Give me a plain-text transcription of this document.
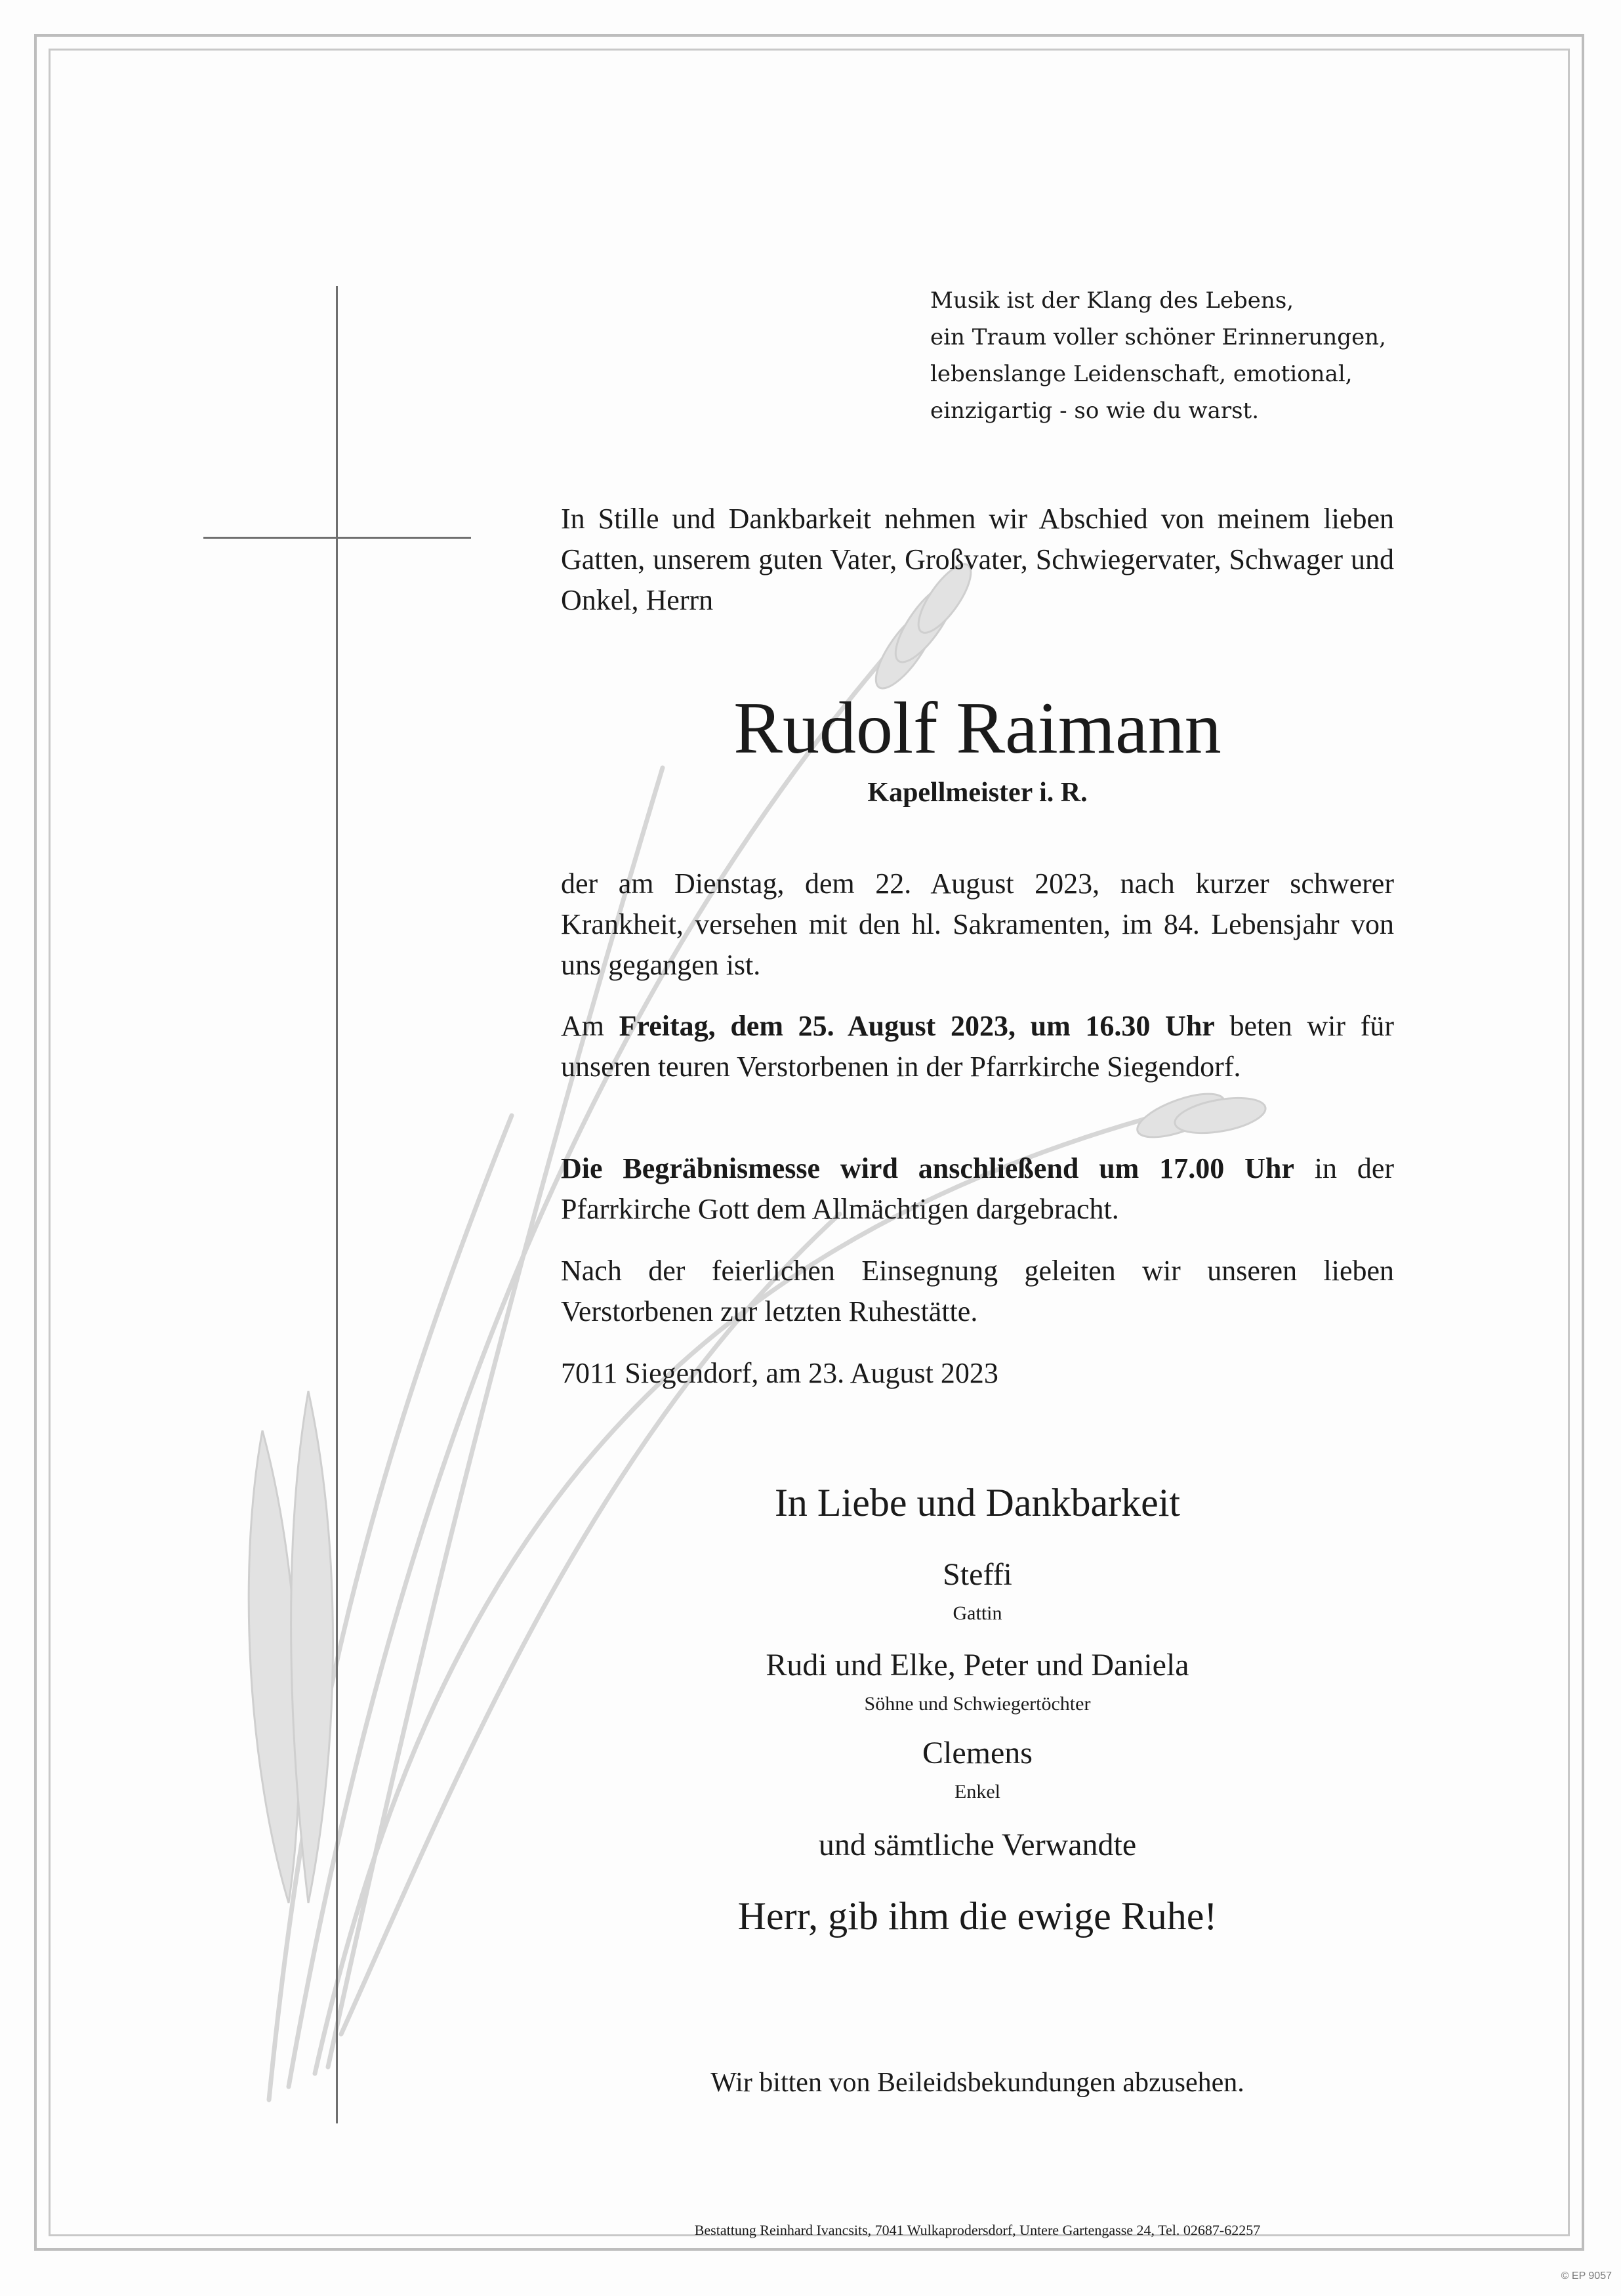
Musik ist der Klang des Lebens,
ein Traum voller schöner Erinnerungen,
lebenslange Leidenschaft, emotional,
einzigartig - so wie du warst.
In Stille und Dankbarkeit nehmen wir Abschied von meinem lieben Gatten, unserem guten Vater, Großvater, Schwiegervater, Schwager und Onkel, Herrn
Rudolf Raimann
Kapellmeister i. R.
der am Dienstag, dem 22. August 2023, nach kurzer schwerer Krankheit, versehen mit den hl. Sakramenten, im 84. Lebensjahr von uns gegangen ist.
Am Freitag, dem 25. August 2023, um 16.30 Uhr beten wir für unseren teuren Verstorbenen in der Pfarrkirche Siegendorf.
Die Begräbnismesse wird anschließend um 17.00 Uhr in der Pfarrkirche Gott dem Allmächtigen dargebracht.
Nach der feierlichen Einsegnung geleiten wir unseren lieben Verstorbenen zur letzten Ruhestätte.
7011 Siegendorf, am 23. August 2023
In Liebe und Dankbarkeit
Steffi
Gattin
Rudi und Elke, Peter und Daniela
Söhne und Schwiegertöchter
Clemens
Enkel
und sämtliche Verwandte
Herr, gib ihm die ewige Ruhe!
Wir bitten von Beileidsbekundungen abzusehen.
Bestattung Reinhard Ivancsits, 7041 Wulkaprodersdorf, Untere Gartengasse 24, Tel. 02687-62257
© EP 9057
